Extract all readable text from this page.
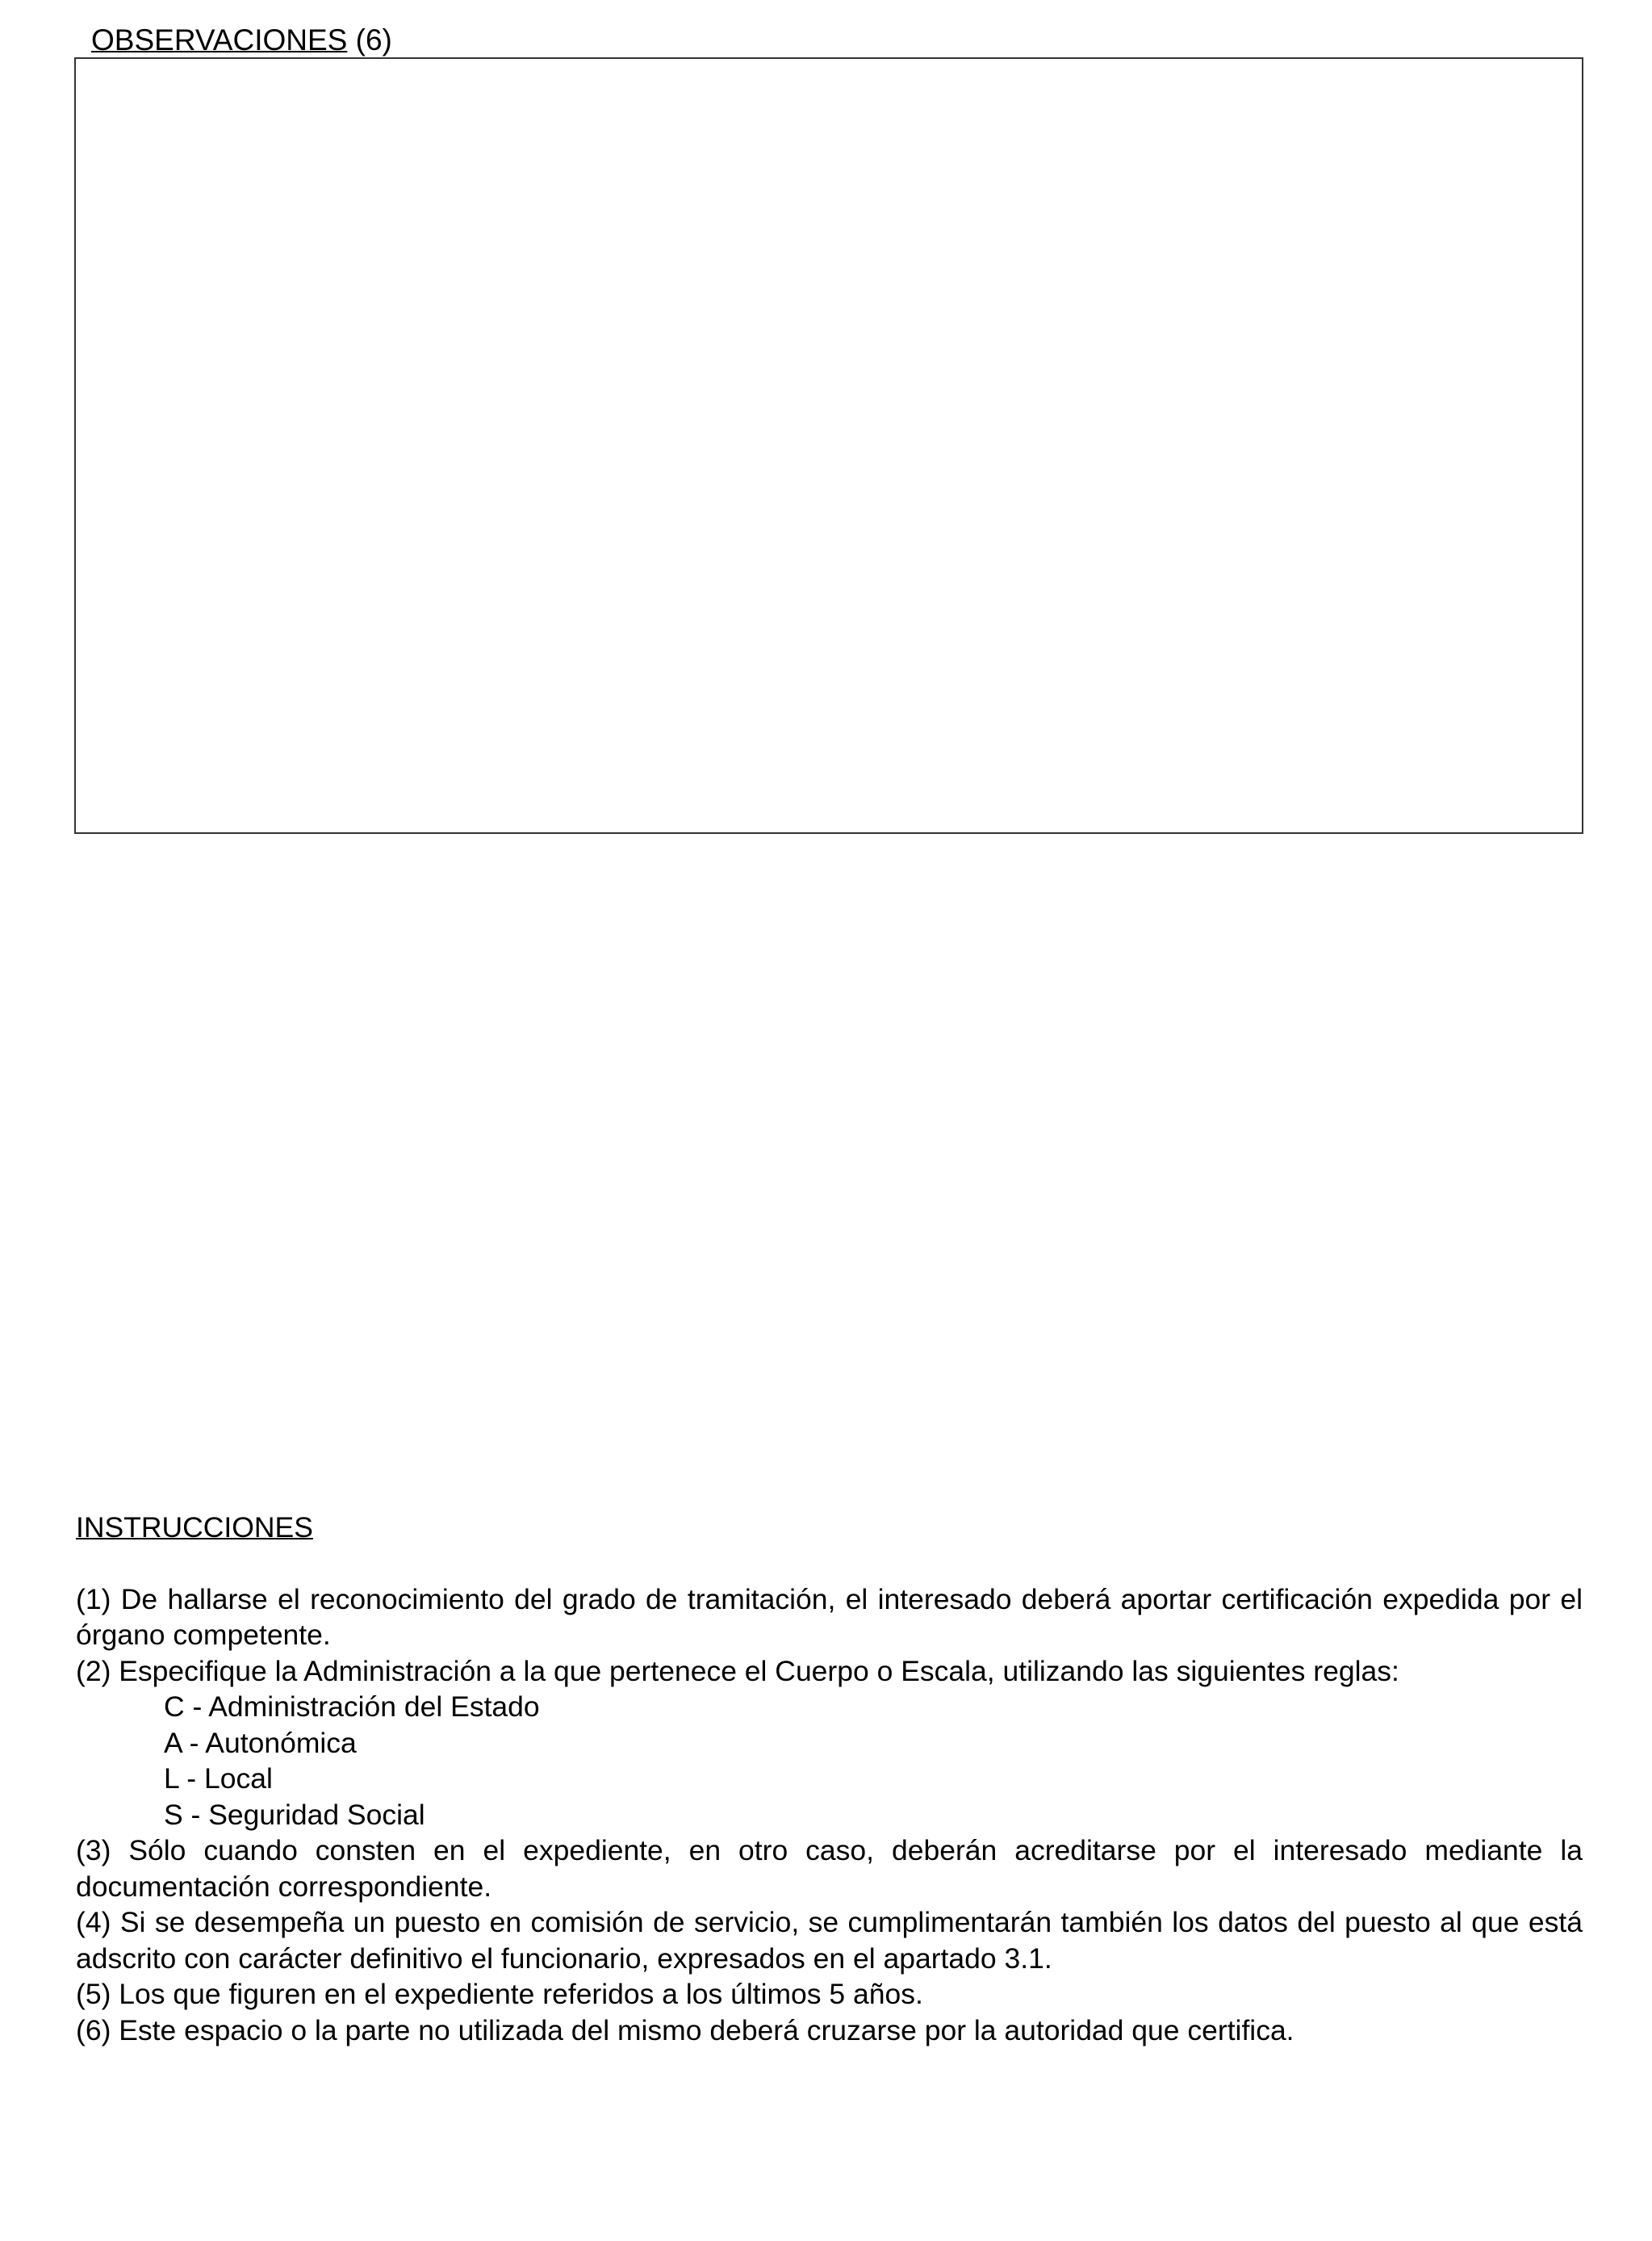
OBSERVACIONES (6)
INSTRUCCIONES
(1) De hallarse el reconocimiento del grado de tramitación, el interesado deberá aportar certificación expedida por el órgano competente.
(2) Especifique la Administración a la que pertenece el Cuerpo o Escala, utilizando las siguientes reglas:
C - Administración del Estado
A - Autonómica
L - Local
S - Seguridad Social
(3) Sólo cuando consten en el expediente, en otro caso, deberán acreditarse por el interesado mediante la documentación correspondiente.
(4) Si se desempeña un puesto en comisión de servicio, se cumplimentarán también los datos del puesto al que está adscrito con carácter definitivo el funcionario, expresados en el apartado 3.1.
(5) Los que figuren en el expediente referidos a los últimos 5 años.
(6) Este espacio o la parte no utilizada del mismo deberá cruzarse por la autoridad que certifica.
